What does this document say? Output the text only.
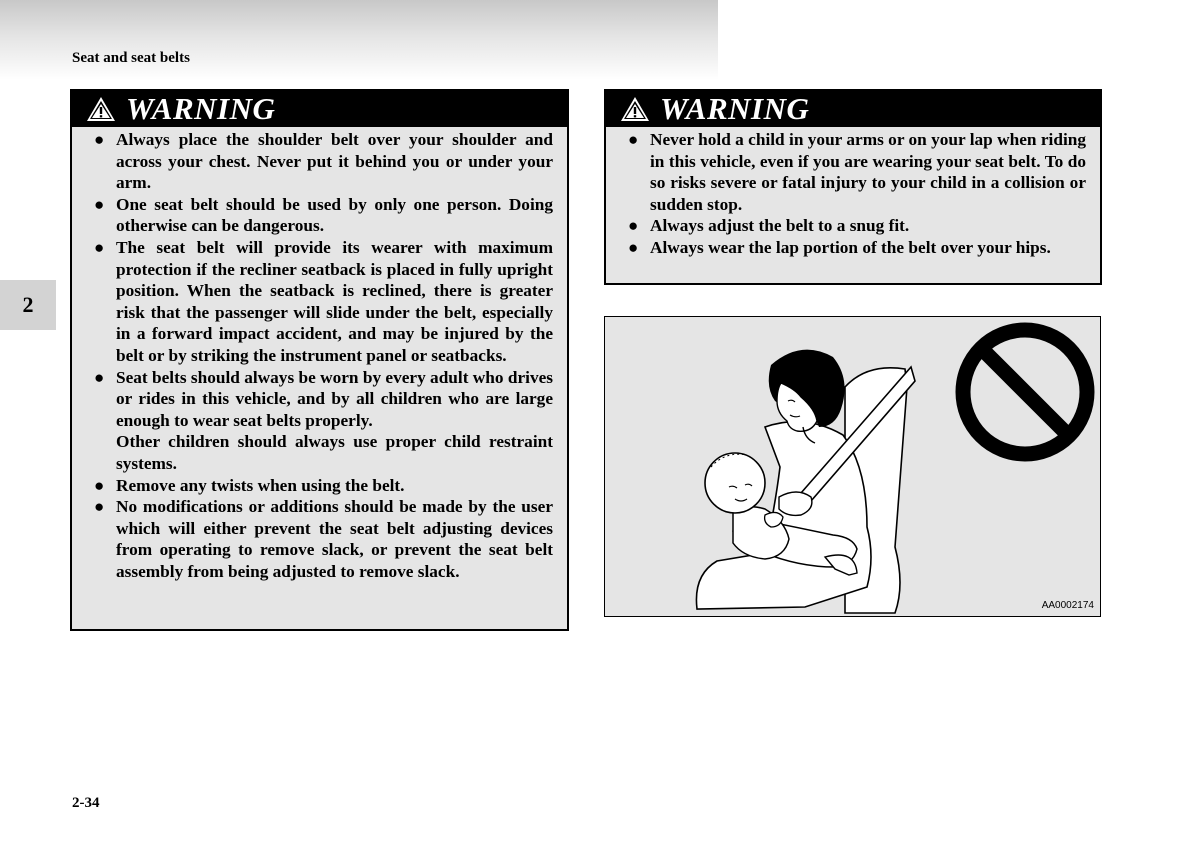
Seat and seat belts
2
WARNING
● Always place the shoulder belt over your shoulder and across your chest. Never put it behind you or under your arm.
● One seat belt should be used by only one person. Doing otherwise can be dangerous.
● The seat belt will provide its wearer with maximum protection if the recliner seatback is placed in fully upright position. When the seatback is reclined, there is greater risk that the passenger will slide under the belt, especially in a forward impact accident, and may be injured by the belt or by striking the instrument panel or seatbacks.
● Seat belts should always be worn by every adult who drives or rides in this vehicle, and by all children who are large enough to wear seat belts properly.
Other children should always use proper child restraint systems.
● Remove any twists when using the belt.
● No modifications or additions should be made by the user which will either prevent the seat belt adjusting devices from operating to remove slack, or prevent the seat belt assembly from being adjusted to remove slack.
WARNING
● Never hold a child in your arms or on your lap when riding in this vehicle, even if you are wearing your seat belt. To do so risks severe or fatal injury to your child in a collision or sudden stop.
● Always adjust the belt to a snug fit.
● Always wear the lap portion of the belt over your hips.
AA0002174
2-34
